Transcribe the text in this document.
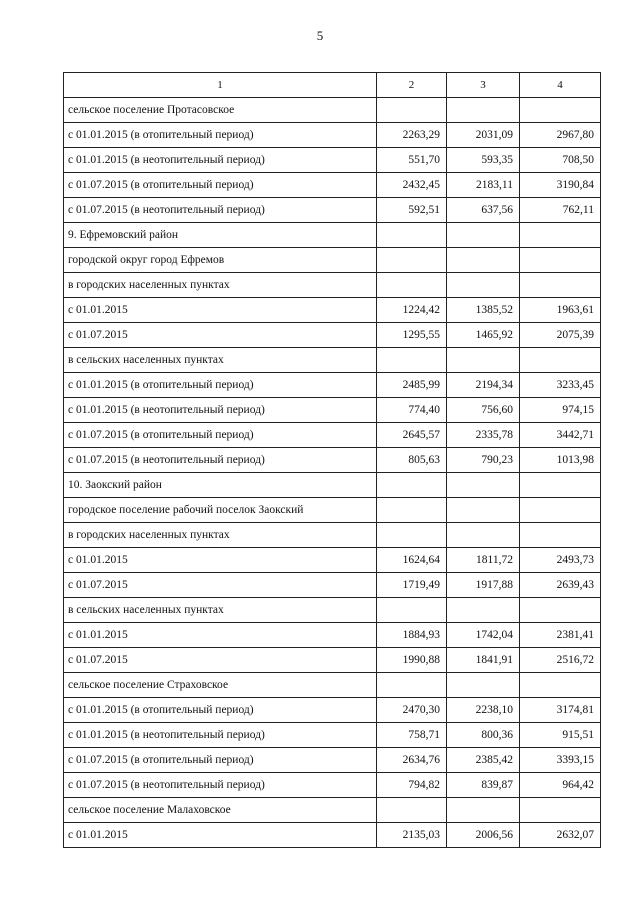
5
1	2	3	4
сельское поселение Протасовское			
с 01.01.2015 (в отопительный период)	2263,29	2031,09	2967,80
с 01.01.2015 (в неотопительный период)	551,70	593,35	708,50
с 01.07.2015 (в отопительный период)	2432,45	2183,11	3190,84
с 01.07.2015 (в неотопительный период)	592,51	637,56	762,11
9. Ефремовский район			
городской округ город Ефремов			
в городских населенных пунктах			
с 01.01.2015	1224,42	1385,52	1963,61
с 01.07.2015	1295,55	1465,92	2075,39
в сельских населенных пунктах			
с 01.01.2015 (в отопительный период)	2485,99	2194,34	3233,45
с 01.01.2015 (в неотопительный период)	774,40	756,60	974,15
с 01.07.2015 (в отопительный период)	2645,57	2335,78	3442,71
с 01.07.2015 (в неотопительный период)	805,63	790,23	1013,98
10. Заокский район			
городское поселение рабочий поселок Заокский			
в городских населенных пунктах			
с 01.01.2015	1624,64	1811,72	2493,73
с 01.07.2015	1719,49	1917,88	2639,43
в сельских населенных пунктах			
с 01.01.2015	1884,93	1742,04	2381,41
с 01.07.2015	1990,88	1841,91	2516,72
сельское поселение Страховское			
с 01.01.2015 (в отопительный период)	2470,30	2238,10	3174,81
с 01.01.2015 (в неотопительный период)	758,71	800,36	915,51
с 01.07.2015 (в отопительный период)	2634,76	2385,42	3393,15
с 01.07.2015 (в неотопительный период)	794,82	839,87	964,42
сельское поселение Малаховское			
с 01.01.2015	2135,03	2006,56	2632,07
